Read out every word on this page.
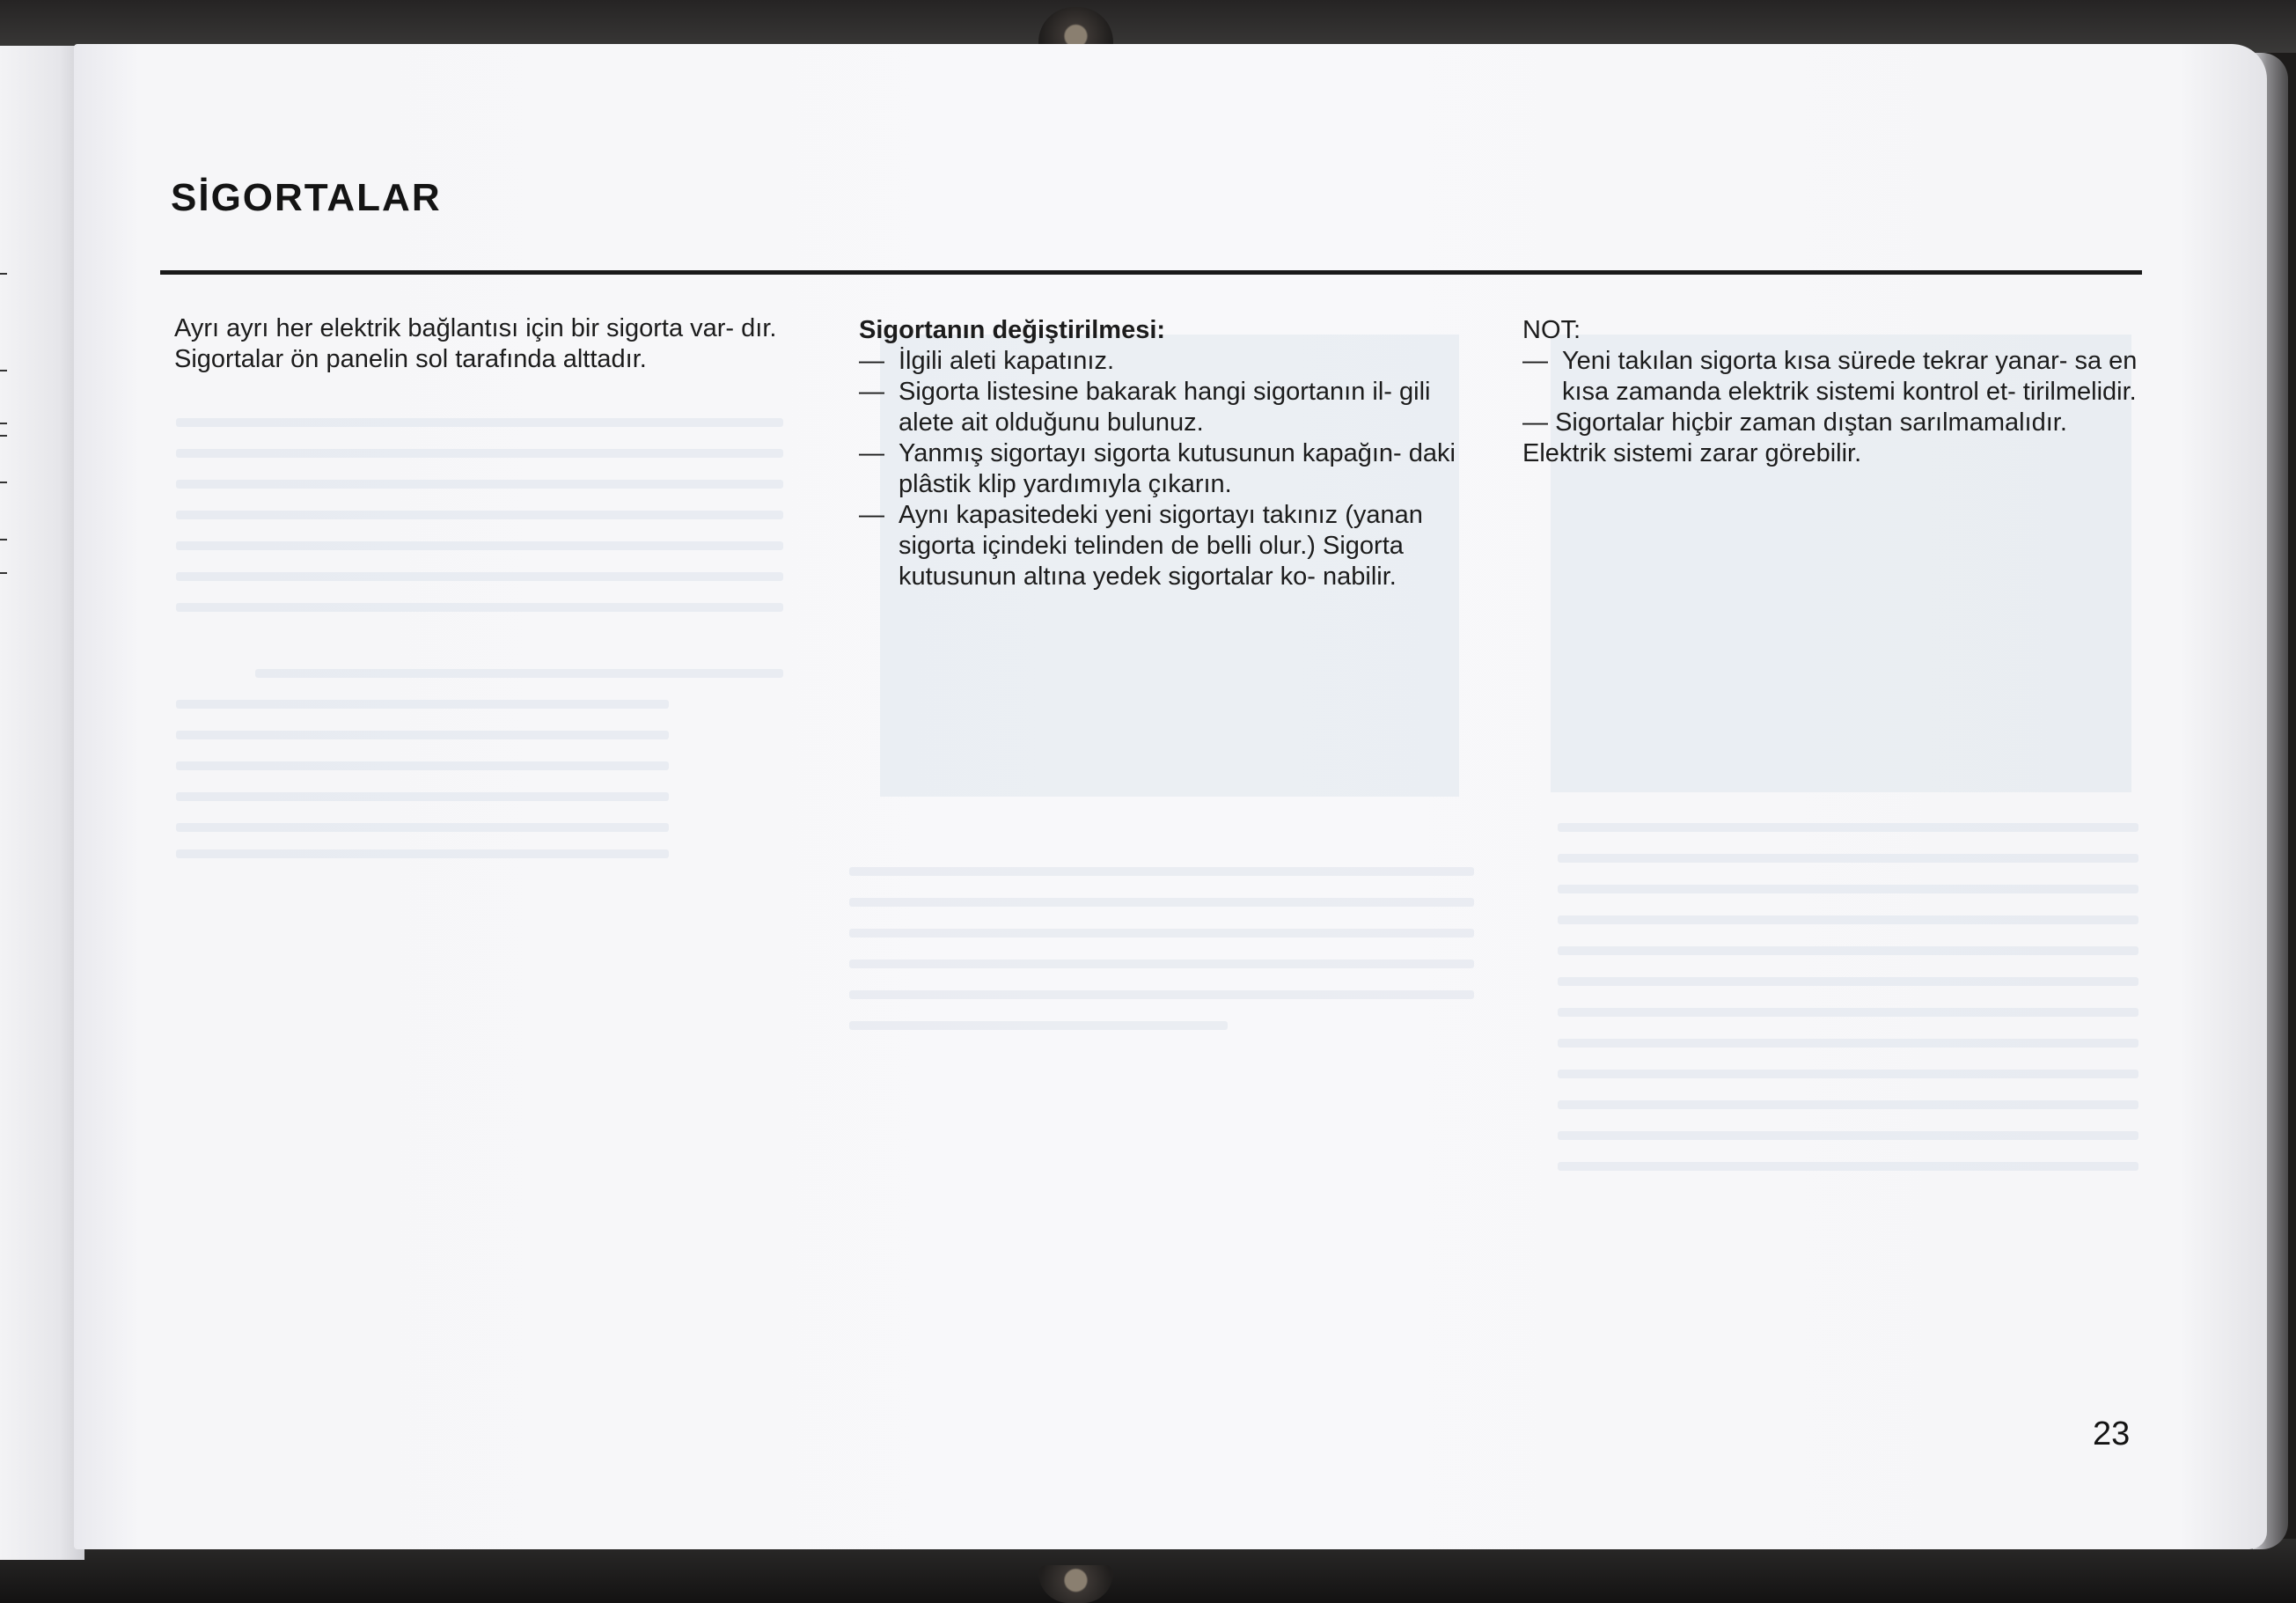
SİGORTALAR

Ayrı ayrı her elektrik bağlantısı için bir sigorta var- dır.

Sigortalar ön panelin sol tarafında alttadır.

Sigortanın değiştirilmesi:

— İlgili aleti kapatınız.

— Sigorta listesine bakarak hangi sigortanın il- gili alete ait olduğunu bulunuz.

— Yanmış sigortayı sigorta kutusunun kapağın- daki plâstik klip yardımıyla çıkarın.

— Aynı kapasitedeki yeni sigortayı takınız (yanan sigorta içindeki telinden de belli olur.) Sigorta kutusunun altına yedek sigortalar ko- nabilir.

NOT:

— Yeni takılan sigorta kısa sürede tekrar yanar- sa en kısa zamanda elektrik sistemi kontrol et- tirilmelidir.

— Sigortalar hiçbir zaman dıştan sarılmamalıdır.

Elektrik sistemi zarar görebilir.

23
